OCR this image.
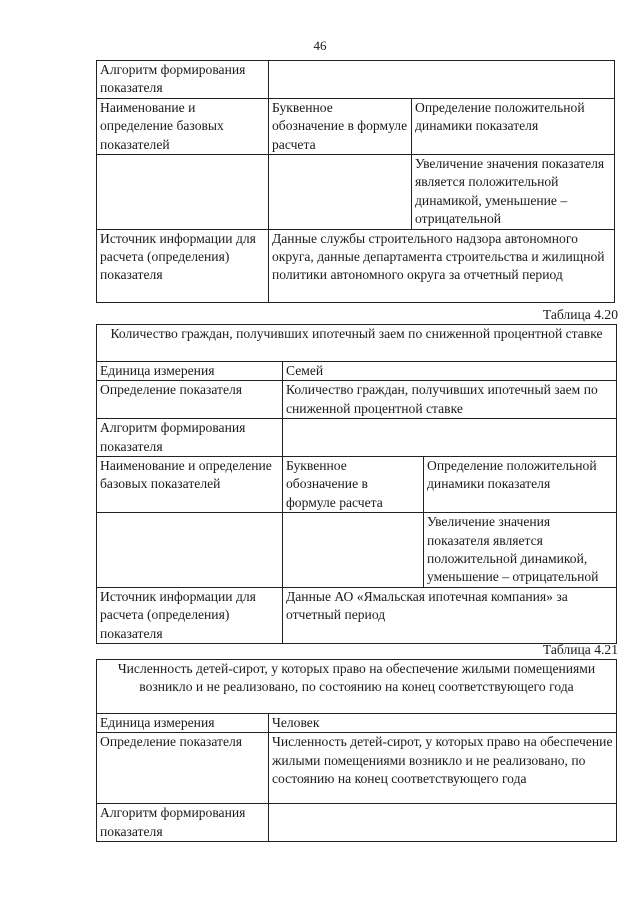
46
Алгоритм формирования показателя		
Наименование и определение базовых показателей	Буквенное обозначение в формуле расчета	Определение положительной динамики показателя
		Увеличение значения показателя является положительной динамикой, уменьшение – отрицательной
Источник информации для расчета (определения) показателя	Данные службы строительного надзора автономного округа, данные департамента строительства и жилищной политики автономного округа за отчетный период	
Таблица 4.20
Количество граждан, получивших ипотечный заем по сниженной процентной ставке		
Единица измерения	Семей	
Определение показателя	Количество граждан, получивших ипотечный заем по сниженной процентной ставке	
Алгоритм формирования показателя		
Наименование и определение базовых показателей	Буквенное обозначение в формуле расчета	Определение положительной динамики показателя
		Увеличение значения показателя является положительной динамикой, уменьшение – отрицательной
Источник информации для расчета (определения) показателя	Данные АО «Ямальская ипотечная компания» за отчетный период	
Таблица 4.21
Численность детей-сирот, у которых право на обеспечение жилыми помещениями возникло и не реализовано, по состоянию на конец соответствующего года	
Единица измерения	Человек
Определение показателя	Численность детей-сирот, у которых право на обеспечение жилыми помещениями возникло и не реализовано, по состоянию на конец соответствующего года
Алгоритм формирования показателя	
